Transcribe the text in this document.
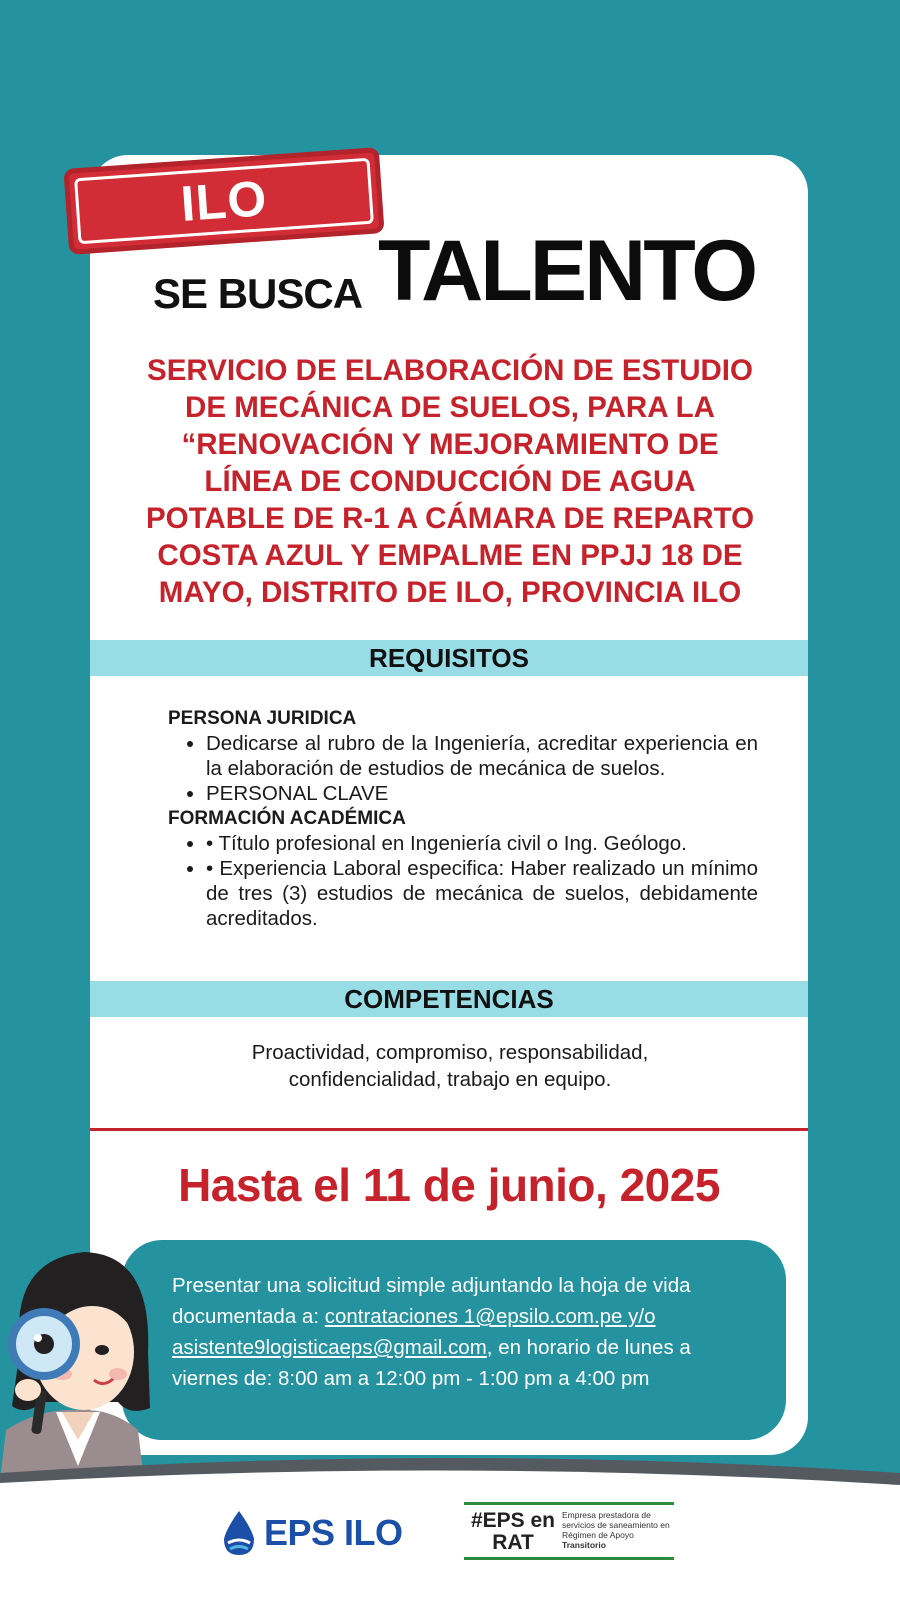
ILO
SE BUSCA TALENTO
SERVICIO DE ELABORACIÓN DE ESTUDIO
DE MECÁNICA DE SUELOS, PARA LA
“RENOVACIÓN Y MEJORAMIENTO DE
LÍNEA DE CONDUCCIÓN DE AGUA
POTABLE DE R-1 A CÁMARA DE REPARTO
COSTA AZUL Y EMPALME EN PPJJ 18 DE
MAYO, DISTRITO DE ILO, PROVINCIA ILO
REQUISITOS
PERSONA JURIDICA
• Dedicarse al rubro de la Ingeniería, acreditar experiencia en la elaboración de estudios de mecánica de suelos.
• PERSONAL CLAVE
FORMACIÓN ACADÉMICA
• • Título profesional en Ingeniería civil o Ing. Geólogo.
• • Experiencia Laboral especifica: Haber realizado un mínimo de tres (3) estudios de mecánica de suelos, debidamente acreditados.
COMPETENCIAS
Proactividad, compromiso, responsabilidad,
confidencialidad, trabajo en equipo.
Hasta el 11 de junio, 2025
Presentar una solicitud simple adjuntando la hoja de vida documentada a: contrataciones 1@epsilo.com.pe y/o asistente9logisticaeps@gmail.com, en horario de lunes a viernes de: 8:00 am a 12:00 pm - 1:00 pm a 4:00 pm
EPS ILO	#EPS en
RAT
Empresa prestadora de servicios de saneamiento en Régimen de Apoyo Transitorio
